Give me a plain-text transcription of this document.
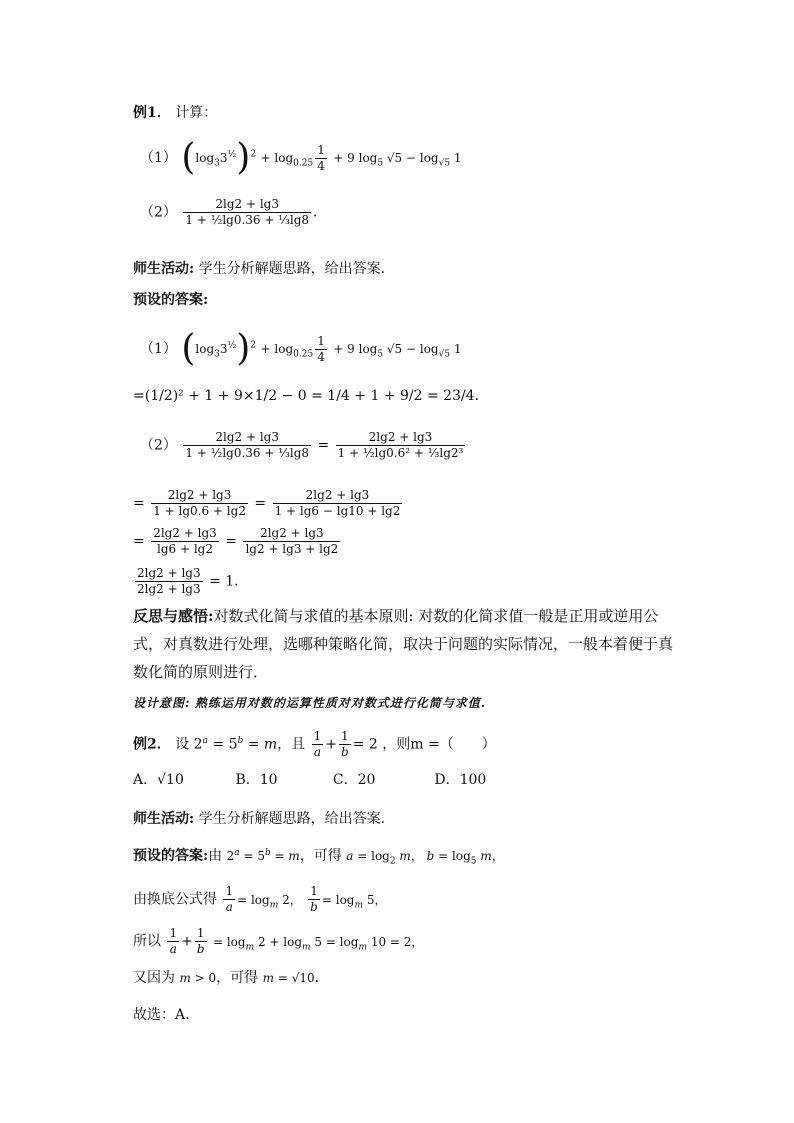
例1． 计算：
（1） $(\log_33^{\frac{1}{2}})^2 + \log_{0.25} \frac{1}{4} + 9$ $\log_5 √5 - \log_{√5} 1$
$(2) \frac{2\lg 2 + \lg 3}{\text{1 + ½lg0.36 + ⅓lg8}}$ ．
师生活动: 学生分析解题思路，给出答案．
预设的答案:
（1） $(\log_33^{\frac{1}{2}})^2 + \log_{0.25} \frac{1}{4} + 9$ $\log_5 √5 - \log_{√5} 1$
=(1/2)² + 1 + 9×1/2 − 0 = 1/4 + 1 + 9/2 = 23/4．
$(2) \frac{2\lg 2 + \lg 3}{\text{1 + ½lg0.36 + ⅓lg8}} = \frac{2\lg 2 + \lg 3}{\text{1 + ½lg0.6² + ⅓lg2³}}$
= $\frac{2\lg 2 + \lg 3}{1 + \lg 0.6 + \lg 2} = \frac{2\lg 2 + \lg 3}{1 + \lg 6 - \lg 10 + \lg 2}$
= $\frac{2\lg 2 + \lg 3}{\lg 6 + \lg 2} = \frac{2\lg 2 + \lg 3}{\lg 2 + \lg 3 + \lg 2}$
$\frac{2\lg 2 + \lg 3}{2\lg 2 + \lg 3} = 1$．
反思与感悟:对数式化简与求值的基本原则: 对数的化简求值一般是正用或逆用公式，对真数进行处理，选哪种策略化简，取决于问题的实际情况，一般本着便于真数化简的原则进行．
设计意图: 熟练运用对数的运算性质对对数式进行化简与求值.
例2． 设 $2^a = 5^b = m$，且 $\frac{1}{a} + \frac{1}{b} = 2$ ，则m =（　　）
A．√10	B．10	C．20	D．100
师生活动: 学生分析解题思路，给出答案．
预设的答案:由 $2^a = 5^b = m$，可得 $a = \log_2 m$， $b = \log_5 m$，
由换底公式得 $\frac{1}{a} = \log_m 2$， $\frac{1}{b} = \log_m 5$，
所以 $\frac{1}{a} + \frac{1}{b} = \log_m 2 + \log_m 5 = \log_m 10 = 2$，
又因为 m > 0，可得 m = √10．
故选：A．
